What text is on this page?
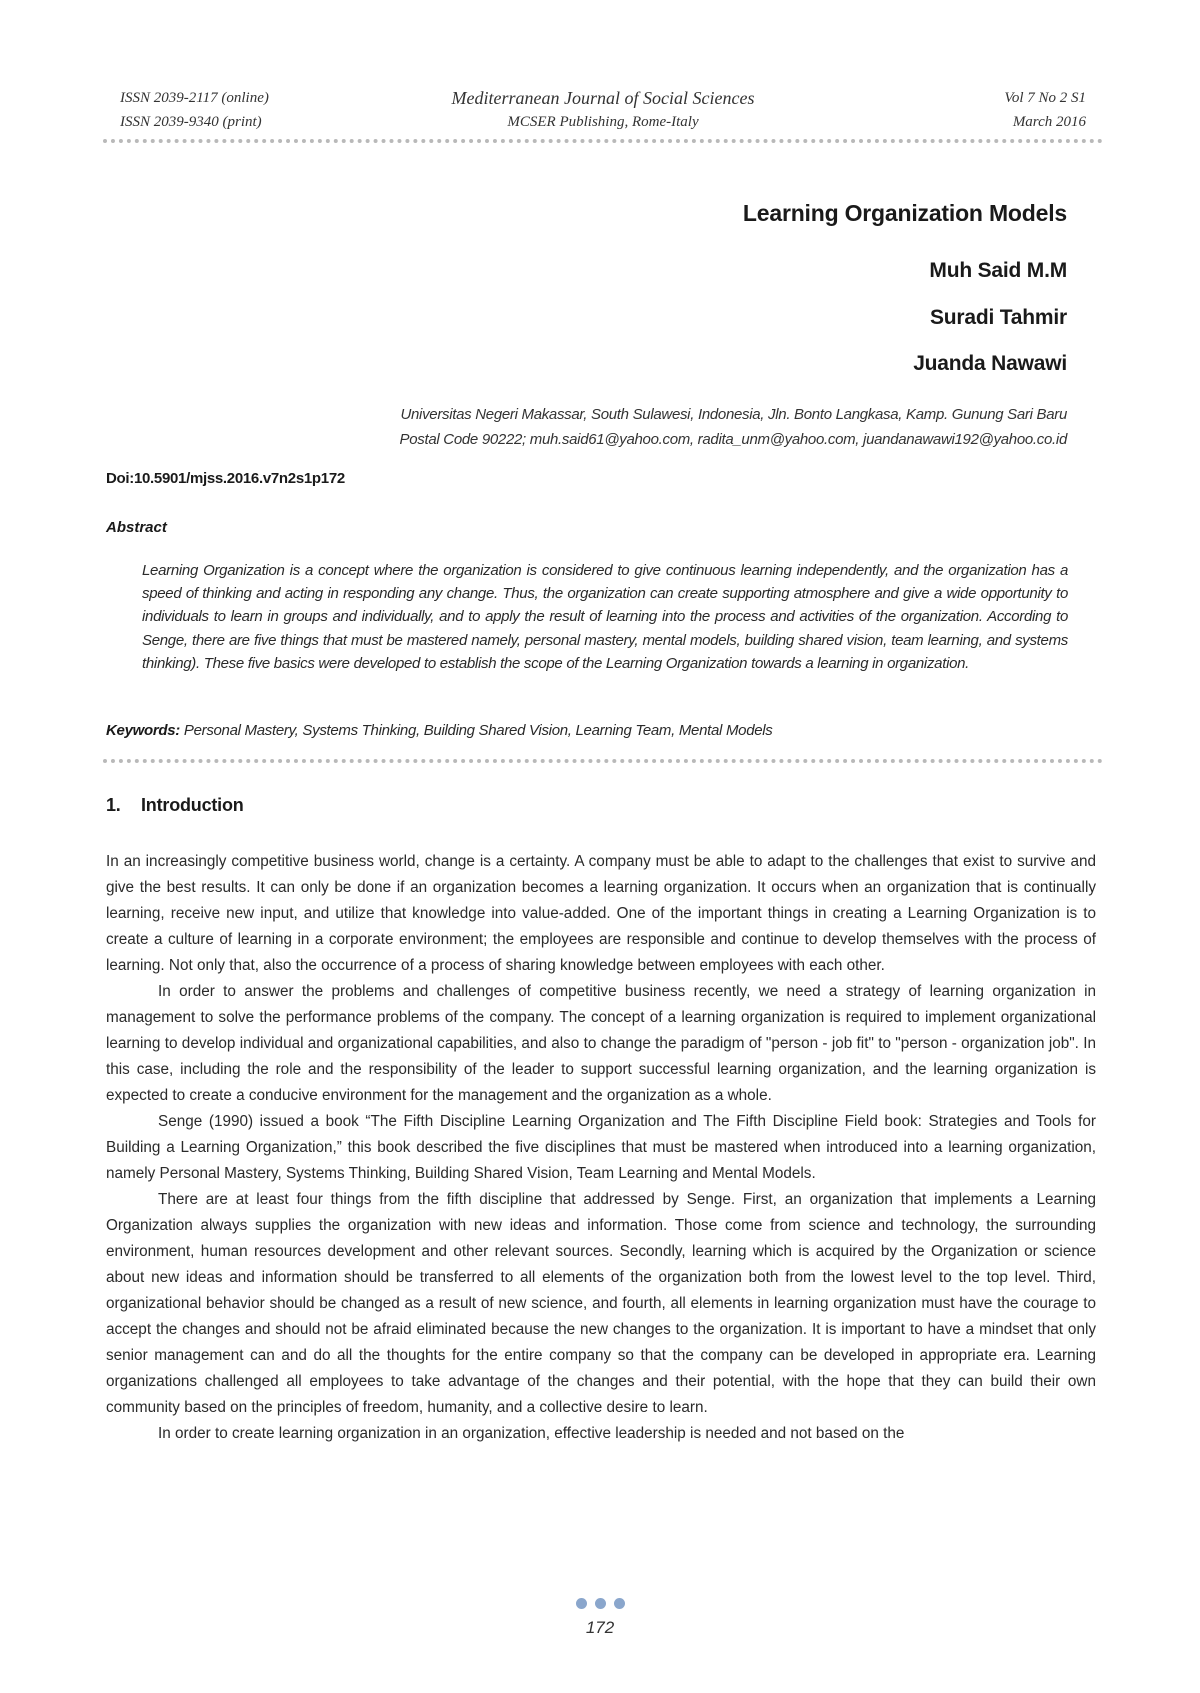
ISSN 2039-2117 (online)
ISSN 2039-9340 (print)
Mediterranean Journal of Social Sciences
MCSER Publishing, Rome-Italy
Vol 7 No 2 S1
March 2016
Learning Organization Models
Muh Said M.M
Suradi Tahmir
Juanda Nawawi
Universitas Negeri Makassar, South Sulawesi, Indonesia, Jln. Bonto Langkasa, Kamp. Gunung Sari Baru
Postal Code 90222; muh.said61@yahoo.com, radita_unm@yahoo.com, juandanawawi192@yahoo.co.id
Doi:10.5901/mjss.2016.v7n2s1p172
Abstract

Learning Organization is a concept where the organization is considered to give continuous learning independently, and the organization has a speed of thinking and acting in responding any change. Thus, the organization can create supporting atmosphere and give a wide opportunity to individuals to learn in groups and individually, and to apply the result of learning into the process and activities of the organization. According to Senge, there are five things that must be mastered namely, personal mastery, mental models, building shared vision, team learning, and systems thinking). These five basics were developed to establish the scope of the Learning Organization towards a learning in organization.

Keywords: Personal Mastery, Systems Thinking, Building Shared Vision, Learning Team, Mental Models
1. Introduction

In an increasingly competitive business world, change is a certainty. A company must be able to adapt to the challenges that exist to survive and give the best results. It can only be done if an organization becomes a learning organization. It occurs when an organization that is continually learning, receive new input, and utilize that knowledge into value-added. One of the important things in creating a Learning Organization is to create a culture of learning in a corporate environment; the employees are responsible and continue to develop themselves with the process of learning. Not only that, also the occurrence of a process of sharing knowledge between employees with each other.

In order to answer the problems and challenges of competitive business recently, we need a strategy of learning organization in management to solve the performance problems of the company. The concept of a learning organization is required to implement organizational learning to develop individual and organizational capabilities, and also to change the paradigm of "person - job fit" to "person - organization job". In this case, including the role and the responsibility of the leader to support successful learning organization, and the learning organization is expected to create a conducive environment for the management and the organization as a whole.

Senge (1990) issued a book “The Fifth Discipline Learning Organization and The Fifth Discipline Field book: Strategies and Tools for Building a Learning Organization,” this book described the five disciplines that must be mastered when introduced into a learning organization, namely Personal Mastery, Systems Thinking, Building Shared Vision, Team Learning and Mental Models.

There are at least four things from the fifth discipline that addressed by Senge. First, an organization that implements a Learning Organization always supplies the organization with new ideas and information. Those come from science and technology, the surrounding environment, human resources development and other relevant sources. Secondly, learning which is acquired by the Organization or science about new ideas and information should be transferred to all elements of the organization both from the lowest level to the top level. Third, organizational behavior should be changed as a result of new science, and fourth, all elements in learning organization must have the courage to accept the changes and should not be afraid eliminated because the new changes to the organization. It is important to have a mindset that only senior management can and do all the thoughts for the entire company so that the company can be developed in appropriate era. Learning organizations challenged all employees to take advantage of the changes and their potential, with the hope that they can build their own community based on the principles of freedom, humanity, and a collective desire to learn.

In order to create learning organization in an organization, effective leadership is needed and not based on the

172
